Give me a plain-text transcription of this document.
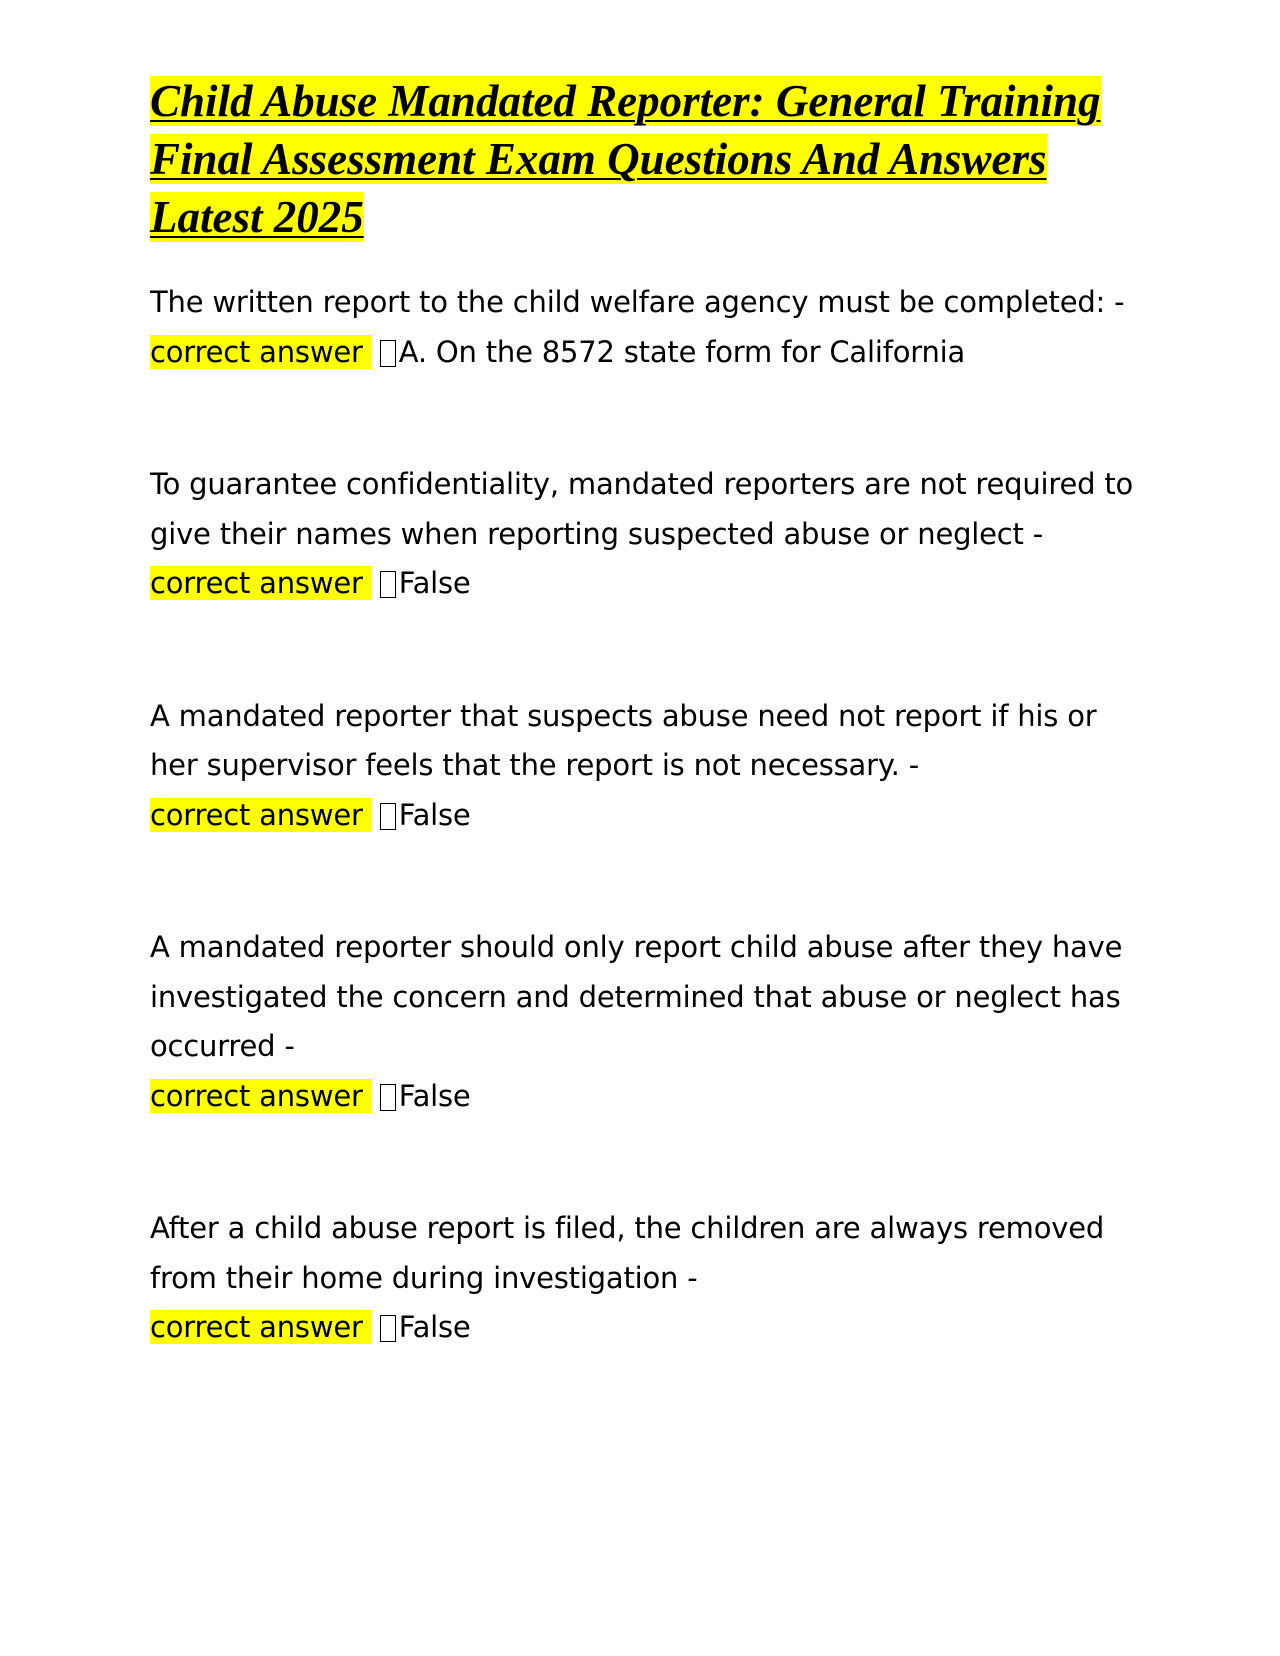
Child Abuse Mandated Reporter: General Training Final Assessment Exam Questions And Answers Latest 2025

The written report to the child welfare agency must be completed: -
correct answer A. On the 8572 state form for California

To guarantee confidentiality, mandated reporters are not required to give their names when reporting suspected abuse or neglect -
correct answer False

A mandated reporter that suspects abuse need not report if his or her supervisor feels that the report is not necessary. -
correct answer False

A mandated reporter should only report child abuse after they have investigated the concern and determined that abuse or neglect has occurred -
correct answer False

After a child abuse report is filed, the children are always removed from their home during investigation -
correct answer False
